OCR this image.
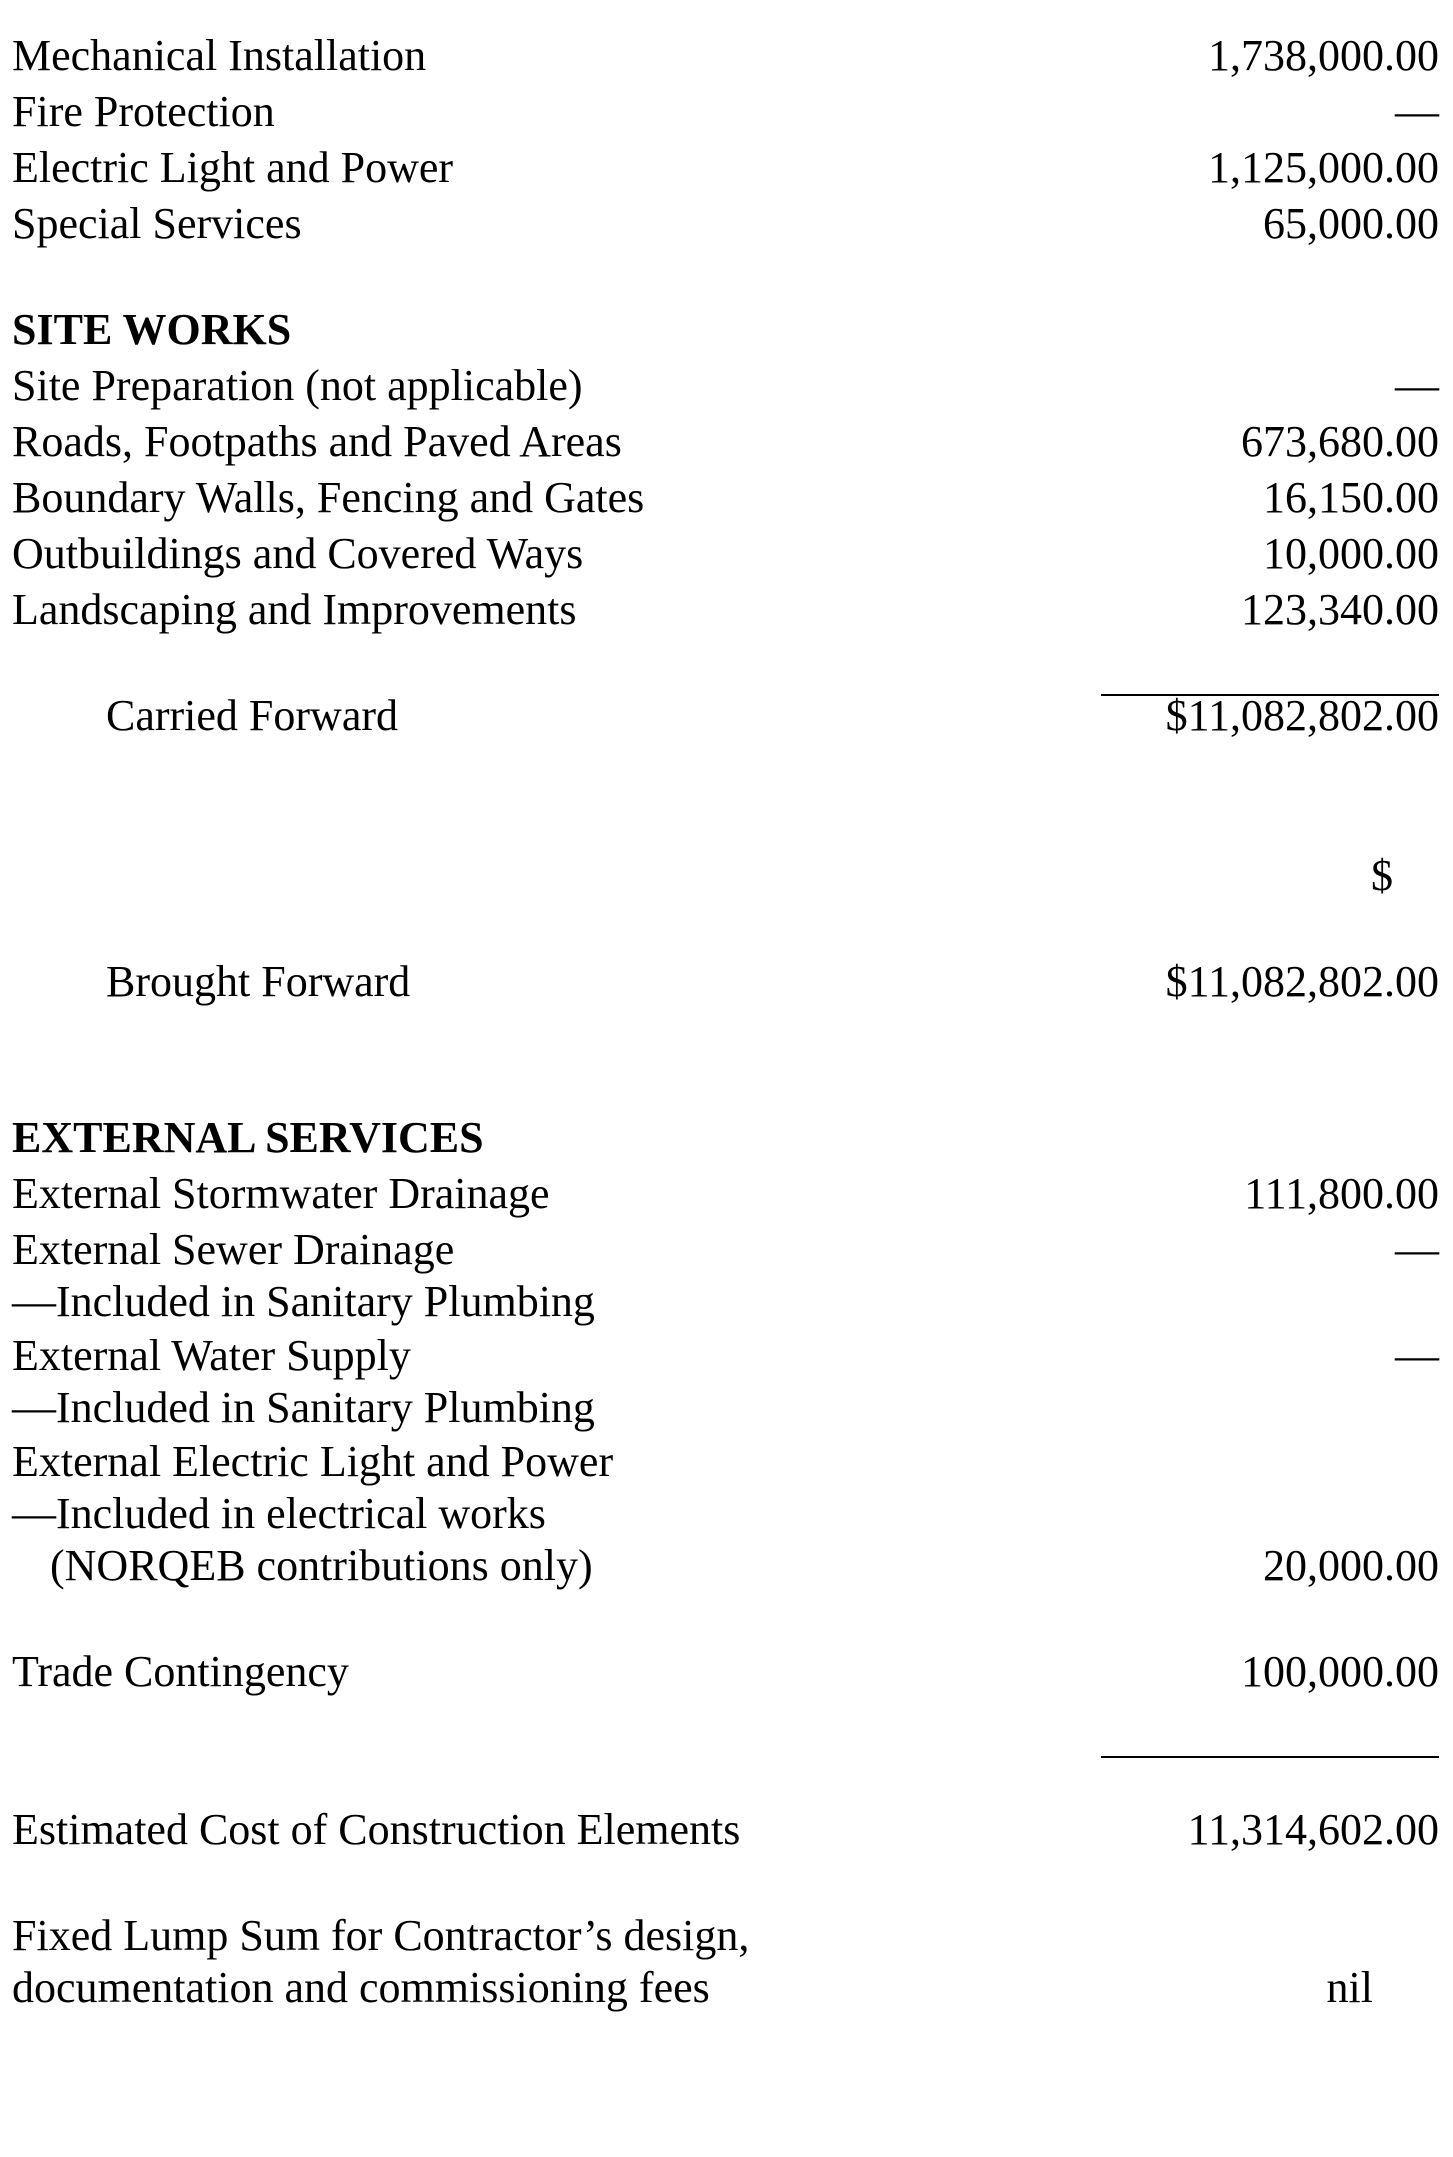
Mechanical Installation	1,738,000.00
Fire Protection	—
Electric Light and Power	1,125,000.00
Special Services	65,000.00
SITE WORKS
Site Preparation (not applicable)	—
Roads, Footpaths and Paved Areas	673,680.00
Boundary Walls, Fencing and Gates	16,150.00
Outbuildings and Covered Ways	10,000.00
Landscaping and Improvements	123,340.00
Carried Forward	$11,082,802.00
$
Brought Forward	$11,082,802.00
EXTERNAL SERVICES
External Stormwater Drainage	111,800.00
External Sewer Drainage	—
—Included in Sanitary Plumbing
External Water Supply	—
—Included in Sanitary Plumbing
External Electric Light and Power
—Included in electrical works
(NORQEB contributions only)	20,000.00
Trade Contingency	100,000.00
Estimated Cost of Construction Elements	11,314,602.00
Fixed Lump Sum for Contractor’s design,
documentation and commissioning fees	nil
